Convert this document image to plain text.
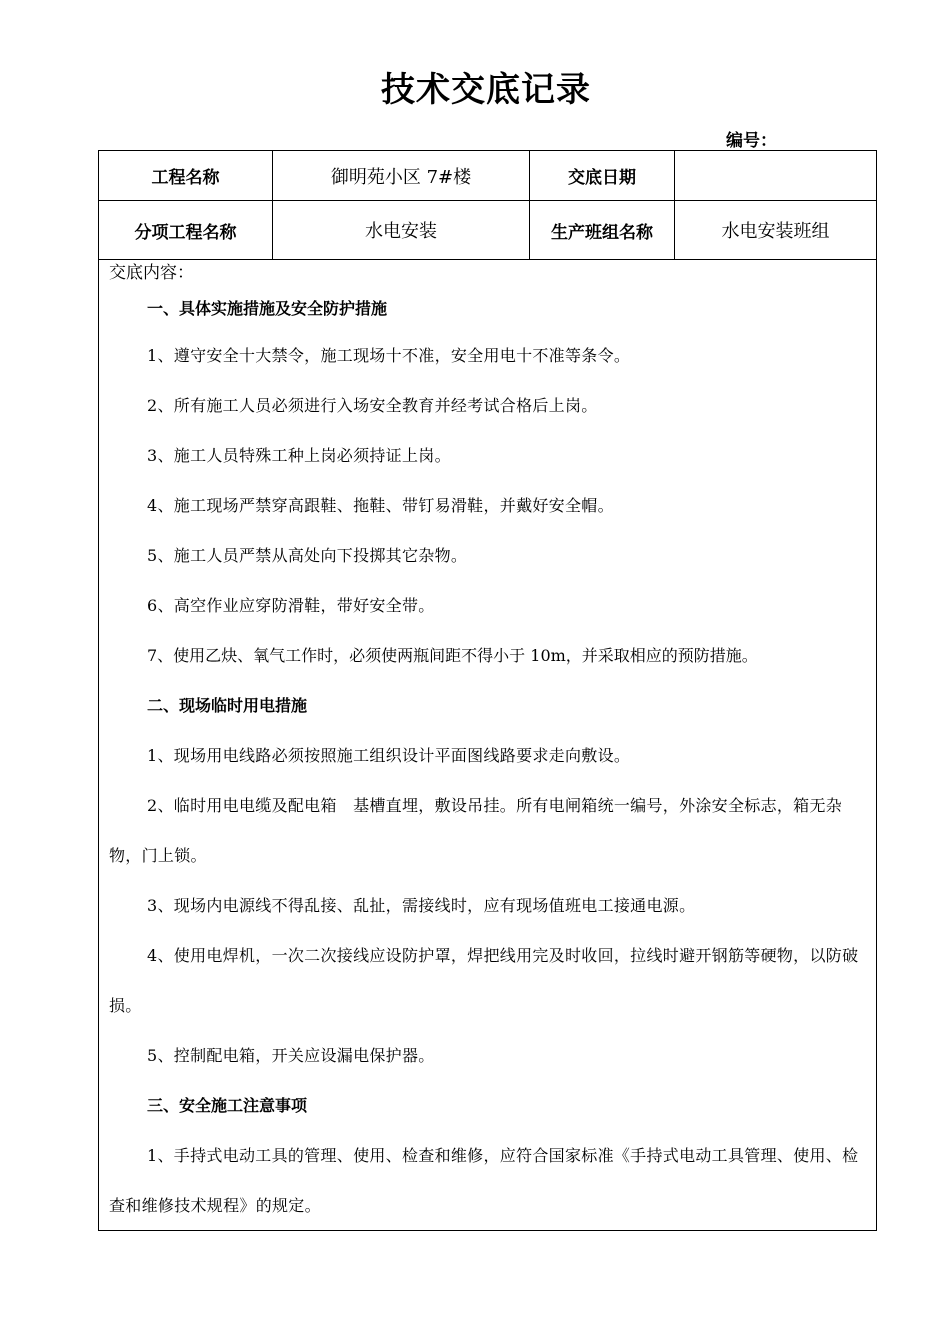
技术交底记录
编号：
工程名称	御明苑小区 7#楼	交底日期
分项工程名称	水电安装	生产班组名称	水电安装班组
交底内容：
一、具体实施措施及安全防护措施
1、遵守安全十大禁令，施工现场十不准，安全用电十不准等条令。
2、所有施工人员必须进行入场安全教育并经考试合格后上岗。
3、施工人员特殊工种上岗必须持证上岗。
4、施工现场严禁穿高跟鞋、拖鞋、带钉易滑鞋，并戴好安全帽。
5、施工人员严禁从高处向下投掷其它杂物。
6、高空作业应穿防滑鞋，带好安全带。
7、使用乙炔、氧气工作时，必须使两瓶间距不得小于 10m，并采取相应的预防措施。
二、现场临时用电措施
1、现场用电线路必须按照施工组织设计平面图线路要求走向敷设。
2、临时用电电缆及配电箱　基槽直埋，敷设吊挂。所有电闸箱统一编号，外涂安全标志，箱无杂物，门上锁。
3、现场内电源线不得乱接、乱扯，需接线时，应有现场值班电工接通电源。
4、使用电焊机，一次二次接线应设防护罩，焊把线用完及时收回，拉线时避开钢筋等硬物，以防破损。
5、控制配电箱，开关应设漏电保护器。
三、安全施工注意事项
1、手持式电动工具的管理、使用、检查和维修，应符合国家标准《手持式电动工具管理、使用、检查和维修技术规程》的规定。
